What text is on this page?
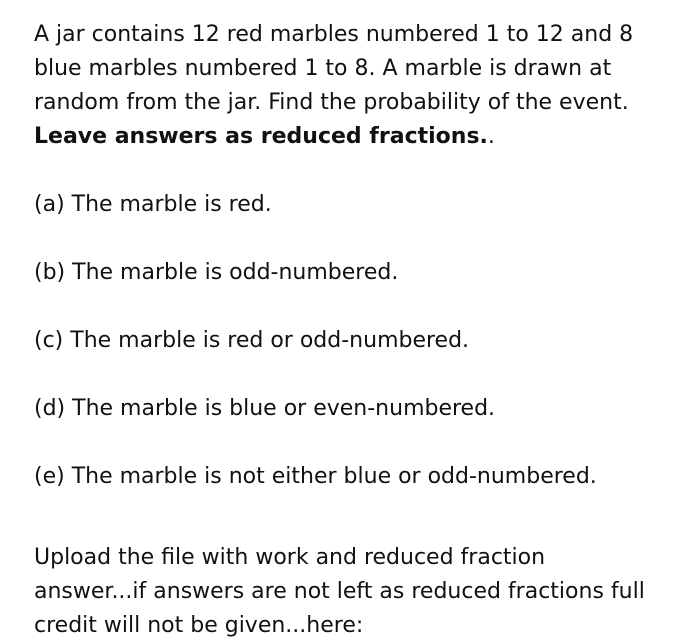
A jar contains 12 red marbles numbered 1 to 12 and 8
blue marbles numbered 1 to 8. A marble is drawn at
random from the jar. Find the probability of the event.
Leave answers as reduced fractions..
(a) The marble is red.
(b) The marble is odd-numbered.
(c) The marble is red or odd-numbered.
(d) The marble is blue or even-numbered.
(e) The marble is not either blue or odd-numbered.
Upload the file with work and reduced fraction
answer...if answers are not left as reduced fractions full
credit will not be given...here:
